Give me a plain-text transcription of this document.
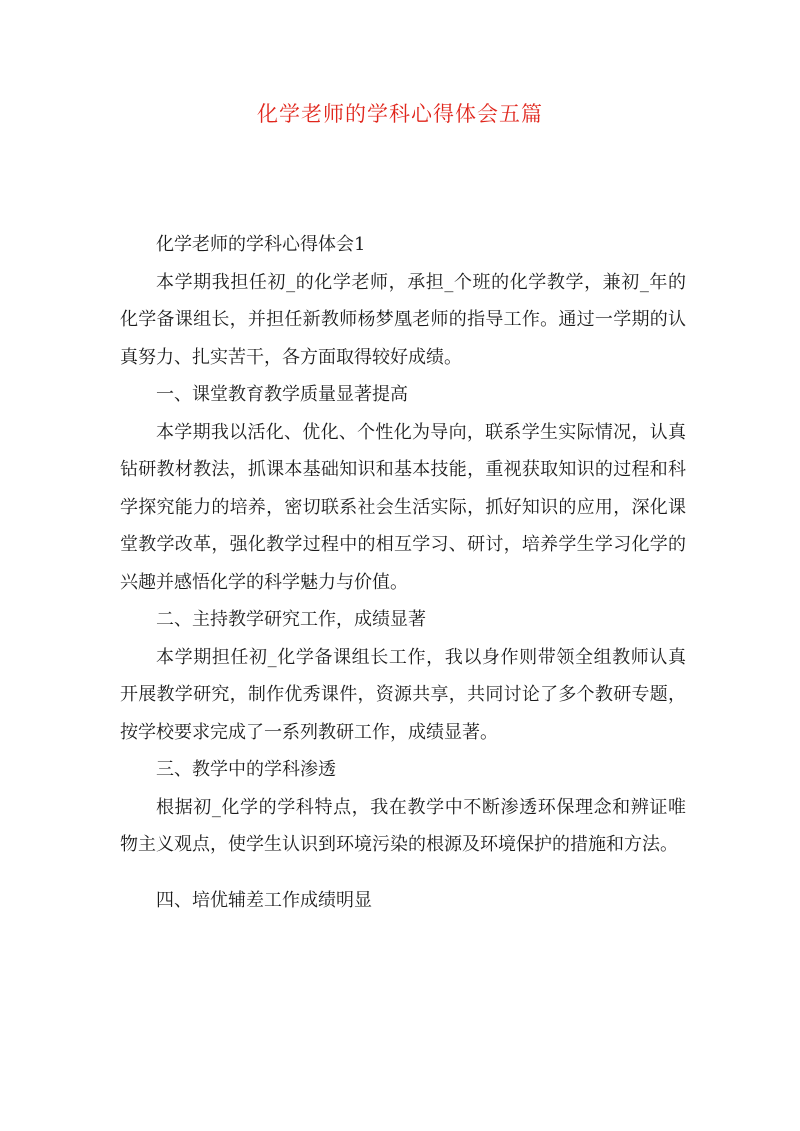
化学老师的学科心得体会五篇

化学老师的学科心得体会1

本学期我担任初_的化学老师，承担_个班的化学教学，兼初_年的化学备课组长，并担任新教师杨梦凰老师的指导工作。通过一学期的认真努力、扎实苦干，各方面取得较好成绩。

一、课堂教育教学质量显著提高

本学期我以活化、优化、个性化为导向，联系学生实际情况，认真钻研教材教法，抓课本基础知识和基本技能，重视获取知识的过程和科学探究能力的培养，密切联系社会生活实际，抓好知识的应用，深化课堂教学改革，强化教学过程中的相互学习、研讨，培养学生学习化学的兴趣并感悟化学的科学魅力与价值。

二、主持教学研究工作，成绩显著

本学期担任初_化学备课组长工作，我以身作则带领全组教师认真开展教学研究，制作优秀课件，资源共享，共同讨论了多个教研专题，按学校要求完成了一系列教研工作，成绩显著。

三、教学中的学科渗透

根据初_化学的学科特点，我在教学中不断渗透环保理念和辨证唯物主义观点，使学生认识到环境污染的根源及环境保护的措施和方法。

四、培优辅差工作成绩明显
